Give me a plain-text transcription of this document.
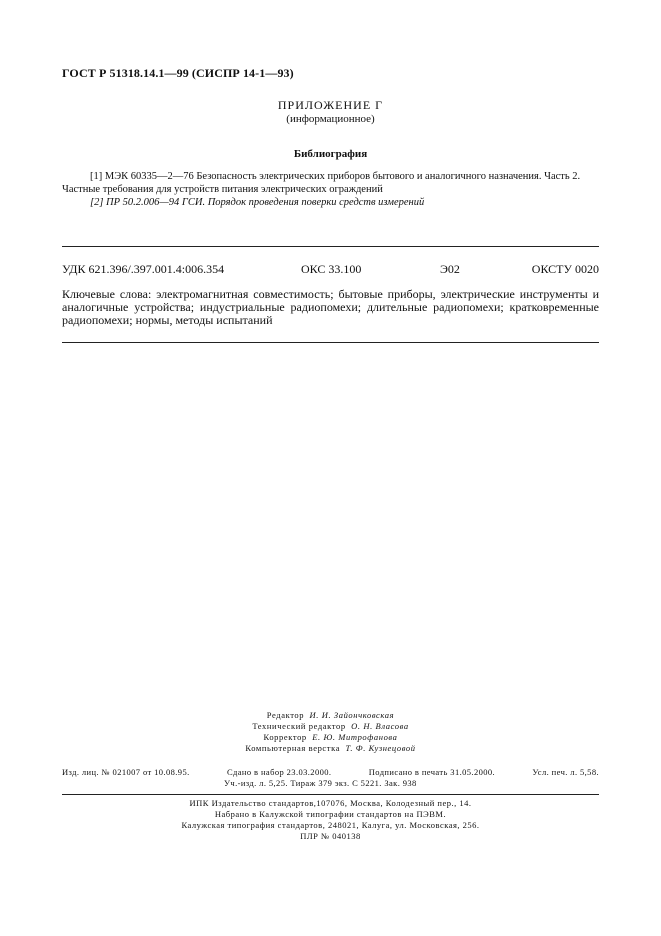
ГОСТ Р 51318.14.1—99 (СИСПР 14-1—93)
ПРИЛОЖЕНИЕ Г
(информационное)
Библиография

[1] МЭК 60335—2—76 Безопасность электрических приборов бытового и аналогичного назначения. Часть 2. Частные требования для устройств питания электрических ограждений

[2] ПР 50.2.006—94 ГСИ. Порядок проведения поверки средств измерений

УДК 621.396/.397.001.4:006.354	ОКС 33.100	Э02	ОКСТУ 0020
Ключевые слова: электромагнитная совместимость; бытовые приборы, электрические инструменты и аналогичные устройства; индустриальные радиопомехи; длительные радиопомехи; кратковременные радиопомехи; нормы, методы испытаний
Редактор И. И. Зайончковская
Технический редактор О. Н. Власова
Корректор Е. Ю. Митрофанова
Компьютерная верстка Т. Ф. Кузнецовой
Изд. лиц. № 021007 от 10.08.95.	Сдано в набор 23.03.2000.	Подписано в печать 31.05.2000.	Усл. печ. л. 5,58.
Уч.-изд. л. 5,25. Тираж 379 экз. С 5221. Зак. 938
ИПК Издательство стандартов,107076, Москва, Колодезный пер., 14.
Набрано в Калужской типографии стандартов на ПЭВМ.
Калужская типография стандартов, 248021, Калуга, ул. Московская, 256.
ПЛР № 040138
